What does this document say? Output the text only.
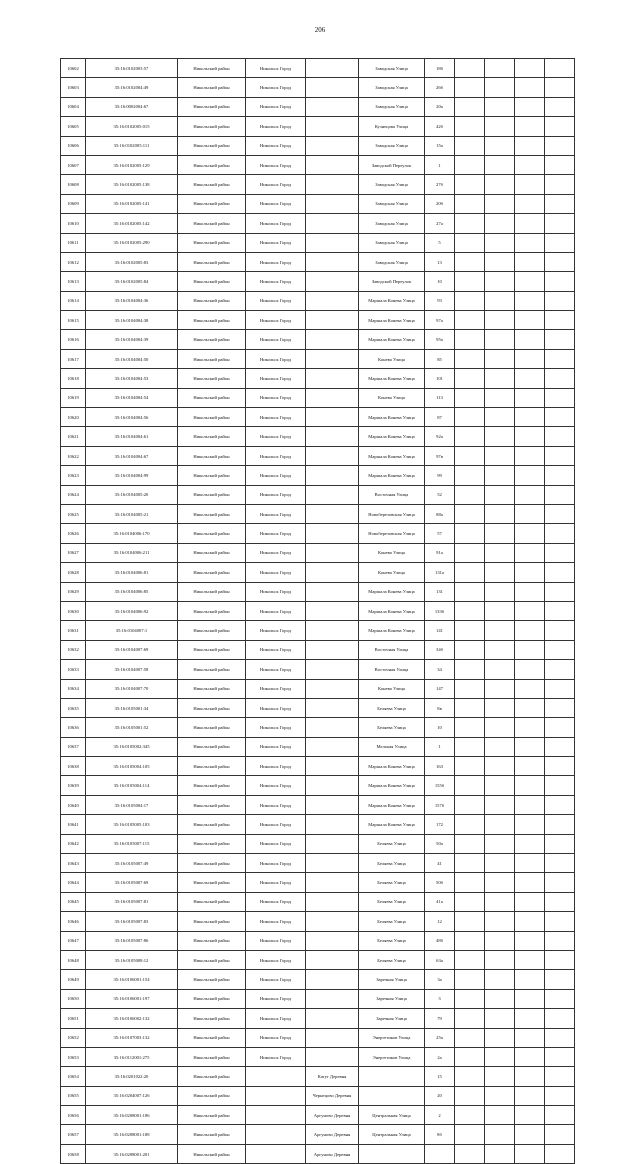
206
10602	35:16:0102003:57	Никольский район	Никольск Город		Заводская Улица	18б				
10603	35:16:0102004:49	Никольский район	Никольск Город		Заводская Улица	26б				
10604	35:16:0002004:67	Никольский район	Никольск Город		Заводская Улица	20а				
10605	35:16:0102005:015	Никольский район	Никольск Город		Кузнецова Улица	42б				
10606	35:16:0102005:111	Никольский район	Никольск Город		Заводская Улица	15а				
10607	35:16:0102005:129	Никольский район	Никольск Город		Заводской Переулок	1				
10608	35:16:0102005:138	Никольский район	Никольск Город		Заводская Улица	27б				
10609	35:16:0102005:141	Никольский район	Никольск Город		Заводская Улица	20б				
10610	35:16:0102005:142	Никольский район	Никольск Город		Заводская Улица	27а				
10611	35:16:0102005:290	Никольский район	Никольск Город		Заводская Улица	5				
10612	35:16:0102005:83	Никольский район	Никольск Город		Заводская Улица	13				
10613	35:16:0102005:84	Никольский район	Никольск Город		Заводской Переулок	10				
10614	35:16:0104004:36	Никольский район	Никольск Город		Маршала Конева Улица	93				
10615	35:16:0104004:38	Никольский район	Никольск Город		Маршала Конева Улица	97а				
10616	35:16:0104004:39	Никольский район	Никольск Город		Маршала Конева Улица	95а				
10617	35:16:0104004:50	Никольский район	Никольск Город		Конева Улица	85				
10618	35:16:0104004:53	Никольский район	Никольск Город		Маршала Конева Улица	101				
10619	35:16:0104004:54	Никольский район	Никольск Город		Конева Улица	113				
10620	35:16:0104004:56	Никольский район	Никольск Город		Маршала Конева Улица	87				
10621	35:16:0104004:61	Никольский район	Никольск Город		Маршала Конева Улица	92а				
10622	35:16:0104004:67	Никольский район	Никольск Город		Маршала Конева Улица	97в				
10623	35:16:0104004:99	Никольский район	Никольск Город		Маршала Конева Улица	99				
10624	35:16:0104005:20	Никольский район	Никольск Город		Восточная Улица	52				
10625	35:16:0104005:21	Никольский район	Никольск Город		Новоберезовская Улица	88а				
10626	35:16:0104006:170	Никольский район	Никольск Город		Новоберезовская Улица	57				
10627	35:16:0104006:211	Никольский район	Никольск Город		Конева Улица	91а				
10628	35:16:0104006:81	Никольский район	Никольск Город		Конева Улица	131а				
10629	35:16:0104006:85	Никольский район	Никольск Город		Маршала Конева Улица	131				
10630	35:16:0104006:92	Никольский район	Никольск Город		Маршала Конева Улица	133б				
10631	35:16:0104007:1	Никольский район	Никольск Город		Маршала Конева Улица	141				
10632	35:16:0104007:69	Никольский район	Никольск Город		Восточная Улица	34б				
10633	35:16:0104007:58	Никольский район	Никольск Город		Восточная Улица	34				
10634	35:16:0104007:70	Никольский район	Никольск Город		Конева Улица	147				
10635	35:16:0105001:34	Никольский район	Никольск Город		Беляева Улица	8в				
10636	35:16:0105001:52	Никольский район	Никольск Город		Беляева Улица	10				
10637	35:16:0105002:345	Никольский район	Никольск Город		Мелокая Улица	1				
10638	35:16:0105004:105	Никольский район	Никольск Город		Маршала Конева Улица	163				
10639	35:16:0105004:114	Никольский район	Никольск Город		Маршала Конева Улица	155б				
10640	35:16:0105004:17	Никольский район	Никольск Город		Маршала Конева Улица	157б				
10641	35:16:0105005:103	Никольский район	Никольск Город		Маршала Конева Улица	172				
10642	35:16:0105007:115	Никольский район	Никольск Город		Беляева Улица	50а				
10643	35:16:0105007:49	Никольский район	Никольск Город		Беляева Улица	41				
10644	35:16:0105007:69	Никольский район	Никольск Город		Беляева Улица	50б				
10645	35:16:0105007:81	Никольский район	Никольск Город		Беляева Улица	41а				
10646	35:16:0105007:83	Никольский район	Никольск Город		Беляева Улица	12				
10647	35:16:0105007:86	Никольский район	Никольск Город		Беляева Улица	48б				
10648	35:16:0105008:12	Никольский район	Никольск Город		Беляева Улица	63а				
10649	35:16:0106001:154	Никольский район	Никольск Город		Заречная Улица	3а				
10650	35:16:0106001:197	Никольский район	Никольск Город		Заречная Улица	3				
10651	35:16:0106002:132	Никольский район	Никольск Город		Заречная Улица	79				
10652	35:16:0107003:132	Никольский район	Никольск Город		Энергетиков Улица	25а				
10653	35:16:0112001:275	Никольский район	Никольск Город		Энергетиков Улица	2а				
10654	35:16:0201022:20	Никольский район		Катуг Деревня		15				
10655	35:16:0204007:126	Никольский район		Чернецово Деревня		20				
10656	35:16:0208001:186	Никольский район		Аргуново Деревня	Центральная Улица	2				
10657	35:16:0208001:188	Никольский район		Аргуново Деревня	Центральная Улица	8б				
10658	35:16:0208001:201	Никольский район		Аргуново Деревня						
